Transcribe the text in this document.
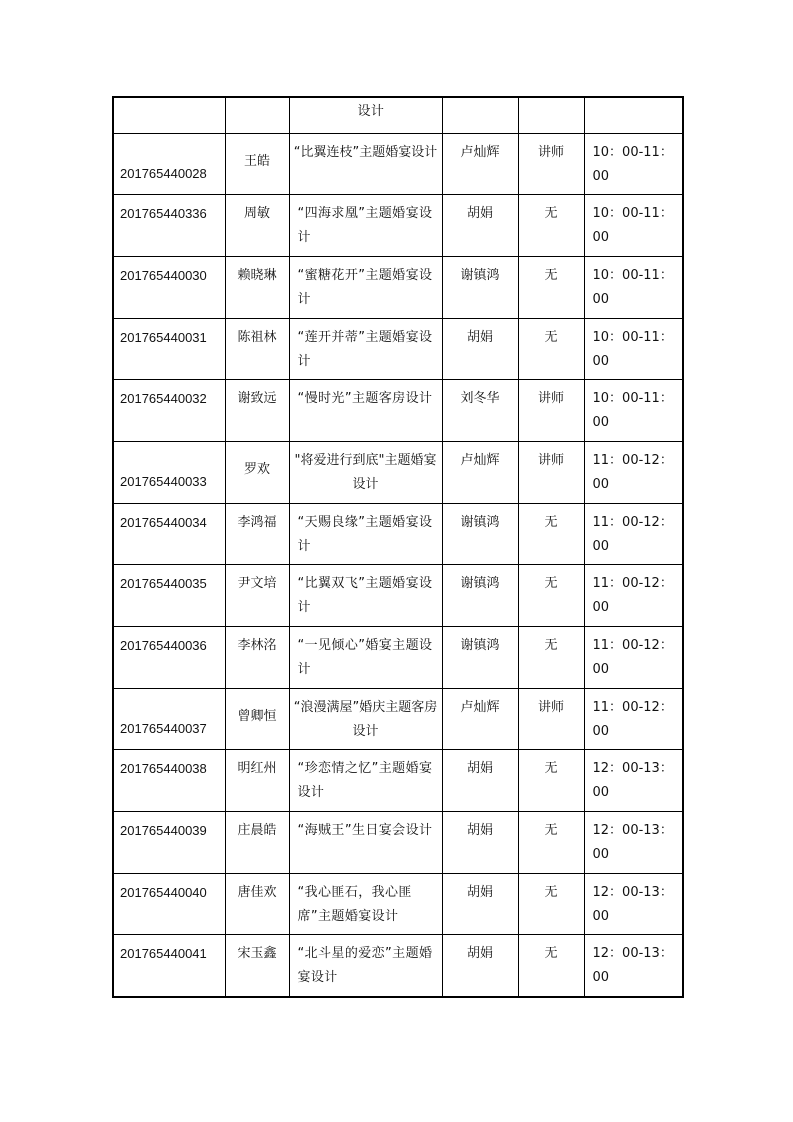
		设计			

201765440028	王皓	“比翼连枝”主题婚宴设计	卢灿辉	讲师	10：00-11：00

201765440336	周敏	“四海求凰”主题婚宴设计	胡娟	无	10：00-11：00

201765440030	赖晓琳	“蜜糖花开”主题婚宴设计	谢镇鸿	无	10：00-11：00

201765440031	陈祖林	“莲开并蒂”主题婚宴设计	胡娟	无	10：00-11：00

201765440032	谢致远	“慢时光”主题客房设计	刘冬华	讲师	10：00-11：00

201765440033	罗欢	"将爱进行到底"主题婚宴设计	卢灿辉	讲师	11：00-12：00

201765440034	李鸿福	“天赐良缘”主题婚宴设计	谢镇鸿	无	11：00-12：00

201765440035	尹文培	“比翼双飞”主题婚宴设计	谢镇鸿	无	11：00-12：00

201765440036	李林洺	“一见倾心”婚宴主题设计	谢镇鸿	无	11：00-12：00

201765440037	曾卿恒	“浪漫满屋”婚庆主题客房设计	卢灿辉	讲师	11：00-12：00

201765440038	明红州	“珍恋情之忆”主题婚宴设计	胡娟	无	12：00-13：00

201765440039	庄晨皓	“海贼王”生日宴会设计	胡娟	无	12：00-13：00

201765440040	唐佳欢	“我心匪石，我心匪席”主题婚宴设计	胡娟	无	12：00-13：00

201765440041	宋玉鑫	“北斗星的爱恋”主题婚宴设计	胡娟	无	12：00-13：00
